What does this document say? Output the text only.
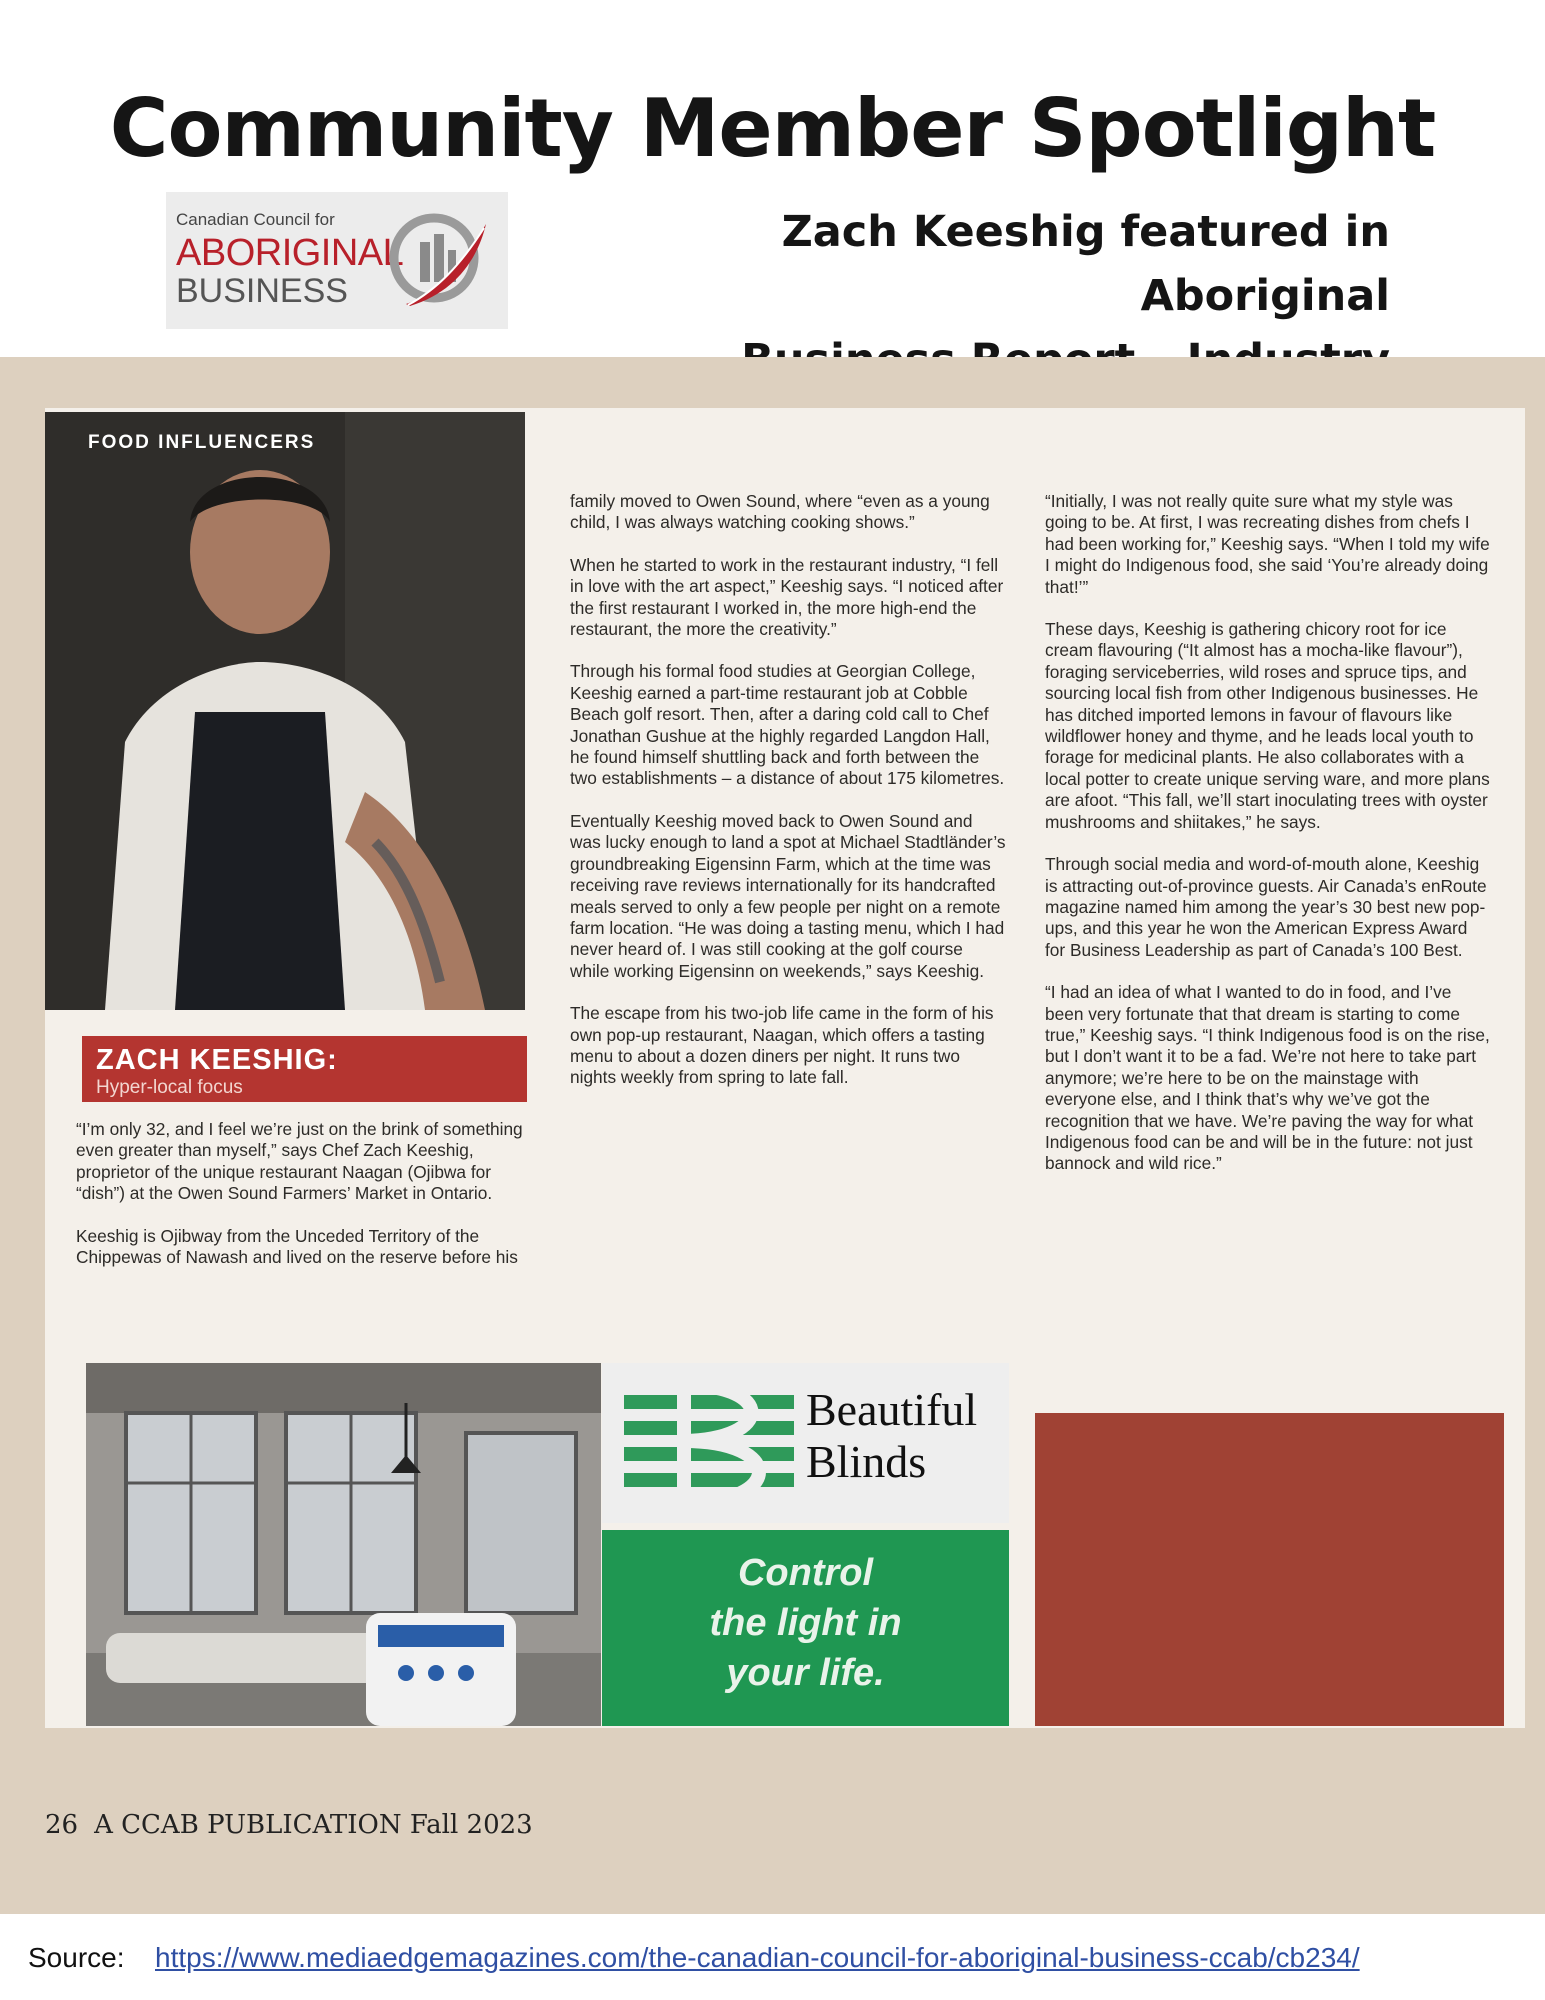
Community Member Spotlight
Canadian Council for
ABORIGINAL
BUSINESS
Zach Keeshig featured in Aboriginal
FOOD INFLUENCERS
ZACH KEESHIG:
Hyper-local focus

“I’m only 32, and I feel we’re just on the brink of something even greater than myself,” says Chef Zach Keeshig, proprietor of the unique restaurant Naagan (Ojibwa for “dish”) at the Owen Sound Farmers’ Market in Ontario.

Keeshig is Ojibway from the Unceded Territory of the Chippewas of Nawash and lived on the reserve before his

family moved to Owen Sound, where “even as a young child, I was always watching cooking shows.”

When he started to work in the restaurant industry, “I fell in love with the art aspect,” Keeshig says. “I noticed after the first restaurant I worked in, the more high-end the restaurant, the more the creativity.”

Through his formal food studies at Georgian College, Keeshig earned a part-time restaurant job at Cobble Beach golf resort. Then, after a daring cold call to Chef Jonathan Gushue at the highly regarded Langdon Hall, he found himself shuttling back and forth between the two establishments – a distance of about 175 kilometres.

Eventually Keeshig moved back to Owen Sound and was lucky enough to land a spot at Michael Stadtländer’s groundbreaking Eigensinn Farm, which at the time was receiving rave reviews internationally for its handcrafted meals served to only a few people per night on a remote farm location. “He was doing a tasting menu, which I had never heard of. I was still cooking at the golf course while working Eigensinn on weekends,” says Keeshig.

The escape from his two-job life came in the form of his own pop-up restaurant, Naagan, which offers a tasting menu to about a dozen diners per night. It runs two nights weekly from spring to late fall.

“Initially, I was not really quite sure what my style was going to be. At first, I was recreating dishes from chefs I had been working for,” Keeshig says. “When I told my wife I might do Indigenous food, she said ‘You’re already doing that!’”

These days, Keeshig is gathering chicory root for ice cream flavouring (“It almost has a mocha-like flavour”), foraging serviceberries, wild roses and spruce tips, and sourcing local fish from other Indigenous businesses. He has ditched imported lemons in favour of flavours like wildflower honey and thyme, and he leads local youth to forage for medicinal plants. He also collaborates with a local potter to create unique serving ware, and more plans are afoot. “This fall, we’ll start inoculating trees with oyster mushrooms and shiitakes,” he says.

Through social media and word-of-mouth alone, Keeshig is attracting out-of-province guests. Air Canada’s enRoute magazine named him among the year’s 30 best new pop-ups, and this year he won the American Express Award for Business Leadership as part of Canada’s 100 Best.

“I had an idea of what I wanted to do in food, and I’ve been very fortunate that that dream is starting to come true,” Keeshig says. “I think Indigenous food is on the rise, but I don’t want it to be a fad. We’re not here to take part anymore; we’re here to be on the mainstage with everyone else, and I think that’s why we’ve got the recognition that we have. We’re paving the way for what Indigenous food can be and will be in the future: not just bannock and wild rice.”

Beautiful
Blinds
Control
the light in
your life.
26 A CCAB PUBLICATION Fall 2023
Source: https://www.mediaedgemagazines.com/the-canadian-council-for-aboriginal-business-ccab/cb234/
